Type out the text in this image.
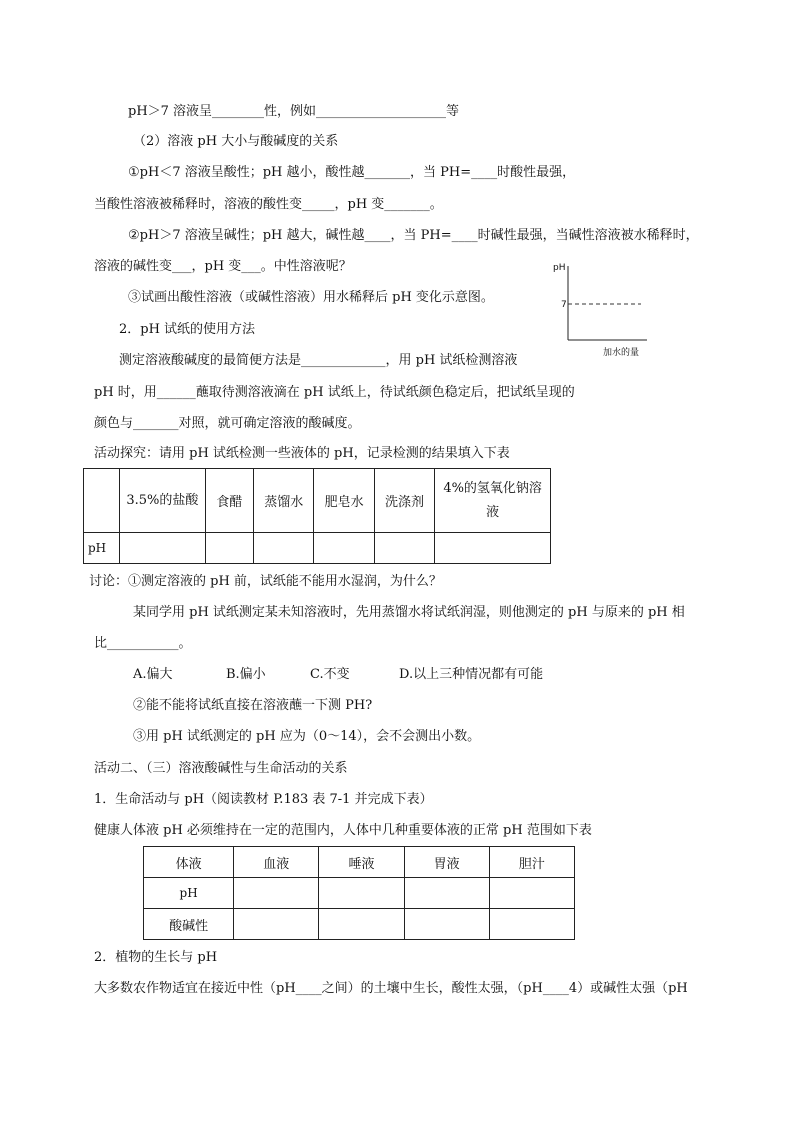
pH＞7 溶液呈________性，例如____________________等
（2）溶液 pH 大小与酸碱度的关系
①pH＜7 溶液呈酸性；pH 越小，酸性越_______，当 PH=____时酸性最强，
当酸性溶液被稀释时，溶液的酸性变_____，pH 变_______。
②pH＞7 溶液呈碱性；pH 越大，碱性越____，当 PH=____时碱性最强，当碱性溶液被水稀释时，
溶液的碱性变___，pH 变___。中性溶液呢？
③试画出酸性溶液（或碱性溶液）用水稀释后 pH 变化示意图。
2．pH 试纸的使用方法
测定溶液酸碱度的最简便方法是_____________，用 pH 试纸检测溶液
pH 时，用______蘸取待测溶液滴在 pH 试纸上，待试纸颜色稳定后，把试纸呈现的
颜色与_______对照，就可确定溶液的酸碱度。
活动探究：请用 pH 试纸检测一些液体的 pH，记录检测的结果填入下表
pH
7
加水的量
	3.5%的盐酸	食醋	蒸馏水	肥皂水	洗涤剂	4%的氢氧化钠溶液
pH						
讨论：①测定溶液的 pH 前，试纸能不能用水湿润，为什么？
某同学用 pH 试纸测定某未知溶液时，先用蒸馏水将试纸润湿，则他测定的 pH 与原来的 pH 相
比___________。
A.偏大	B.偏小	C.不变	D.以上三种情况都有可能
②能不能将试纸直接在溶液蘸一下测 PH?
③用 pH 试纸测定的 pH 应为（0～14），会不会测出小数。
活动二、（三）溶液酸碱性与生命活动的关系
1．生命活动与 pH（阅读教材 P.183 表 7-1 并完成下表）
健康人体液 pH 必须维持在一定的范围内，人体中几种重要体液的正常 pH 范围如下表
体液	血液	唾液	胃液	胆汁
pH				
酸碱性				
2．植物的生长与 pH
大多数农作物适宜在接近中性（pH____之间）的土壤中生长，酸性太强，（pH____4）或碱性太强（pH
